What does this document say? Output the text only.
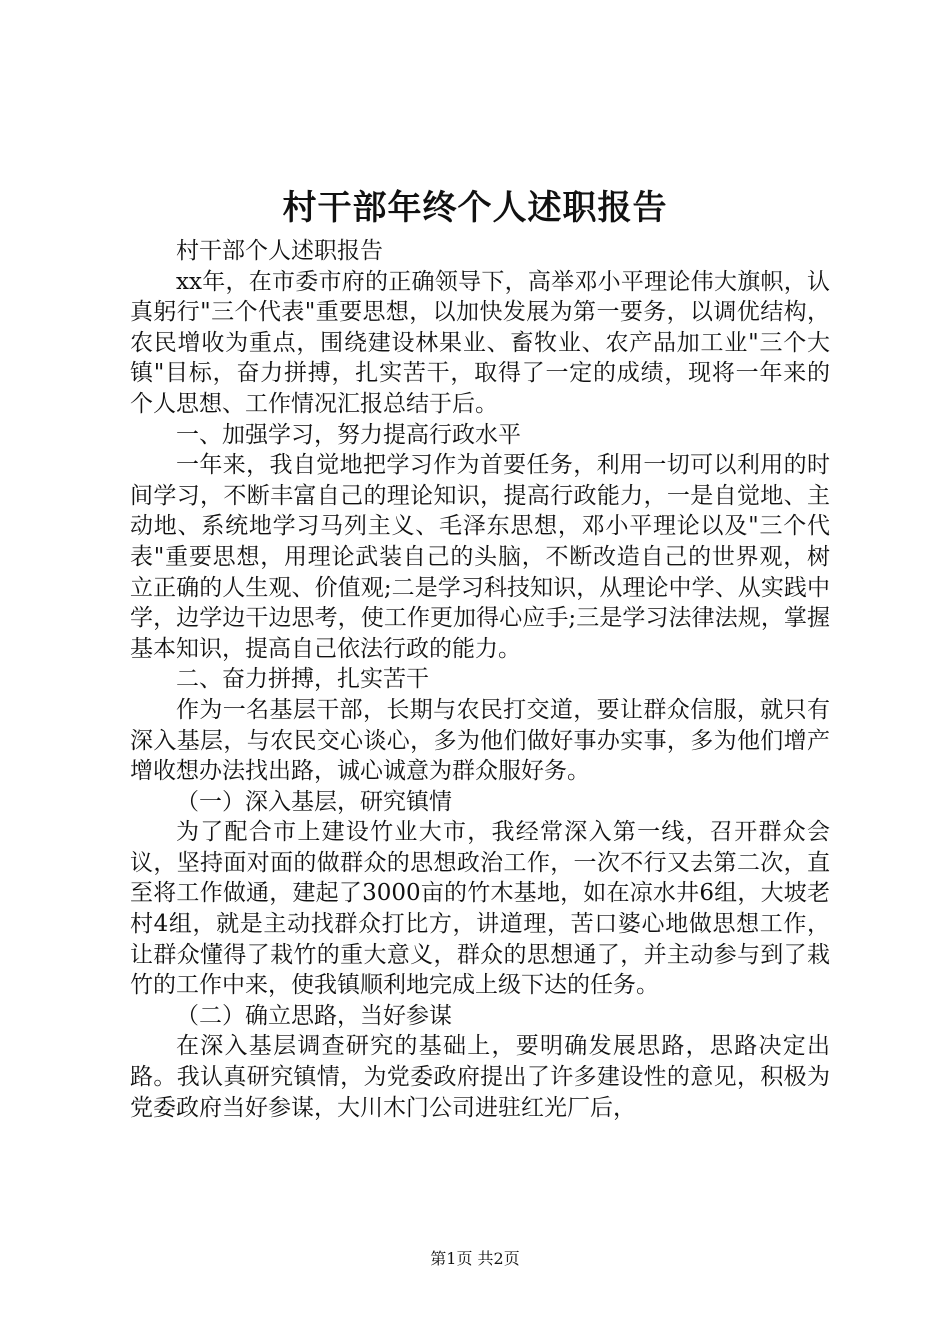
村干部年终个人述职报告

村干部个人述职报告

xx年，在市委市府的正确领导下，高举邓小平理论伟大旗帜，认真躬行"三个代表"重要思想，以加快发展为第一要务，以调优结构，农民增收为重点，围绕建设林果业、畜牧业、农产品加工业"三个大镇"目标，奋力拼搏，扎实苦干，取得了一定的成绩，现将一年来的个人思想、工作情况汇报总结于后。

一、加强学习，努力提高行政水平

一年来，我自觉地把学习作为首要任务，利用一切可以利用的时间学习，不断丰富自己的理论知识，提高行政能力，一是自觉地、主动地、系统地学习马列主义、毛泽东思想，邓小平理论以及"三个代表"重要思想，用理论武装自己的头脑，不断改造自己的世界观，树立正确的人生观、价值观;二是学习科技知识，从理论中学、从实践中学，边学边干边思考，使工作更加得心应手;三是学习法律法规，掌握基本知识，提高自己依法行政的能力。

二、奋力拼搏，扎实苦干

作为一名基层干部，长期与农民打交道，要让群众信服，就只有深入基层，与农民交心谈心，多为他们做好事办实事，多为他们增产增收想办法找出路，诚心诚意为群众服好务。

（一）深入基层，研究镇情

为了配合市上建设竹业大市，我经常深入第一线，召开群众会议，坚持面对面的做群众的思想政治工作，一次不行又去第二次，直至将工作做通，建起了3000亩的竹木基地，如在凉水井6组，大坡老村4组，就是主动找群众打比方，讲道理，苦口婆心地做思想工作，让群众懂得了栽竹的重大意义，群众的思想通了，并主动参与到了栽竹的工作中来，使我镇顺利地完成上级下达的任务。

（二）确立思路，当好参谋

在深入基层调查研究的基础上，要明确发展思路，思路决定出路。我认真研究镇情，为党委政府提出了许多建设性的意见，积极为党委政府当好参谋，大川木门公司进驻红光厂后，

第1页 共2页
